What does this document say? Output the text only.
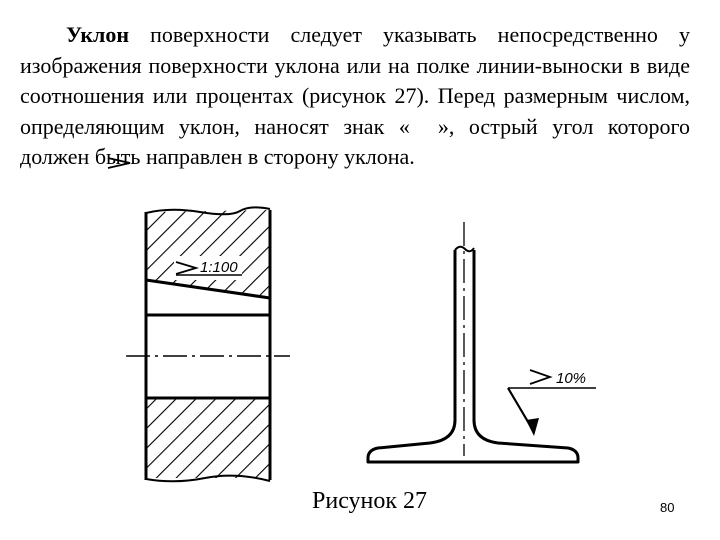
Уклон поверхности следует указывать непосредственно у изображения поверхности уклона или на полке линии-выноски в виде соотношения или процентах (рисунок 27). Перед размерным числом, определяющим уклон, наносят знак « », острый угол которого должен быть направлен в сторону уклона.

1:100
10%
Рисунок 27	80
